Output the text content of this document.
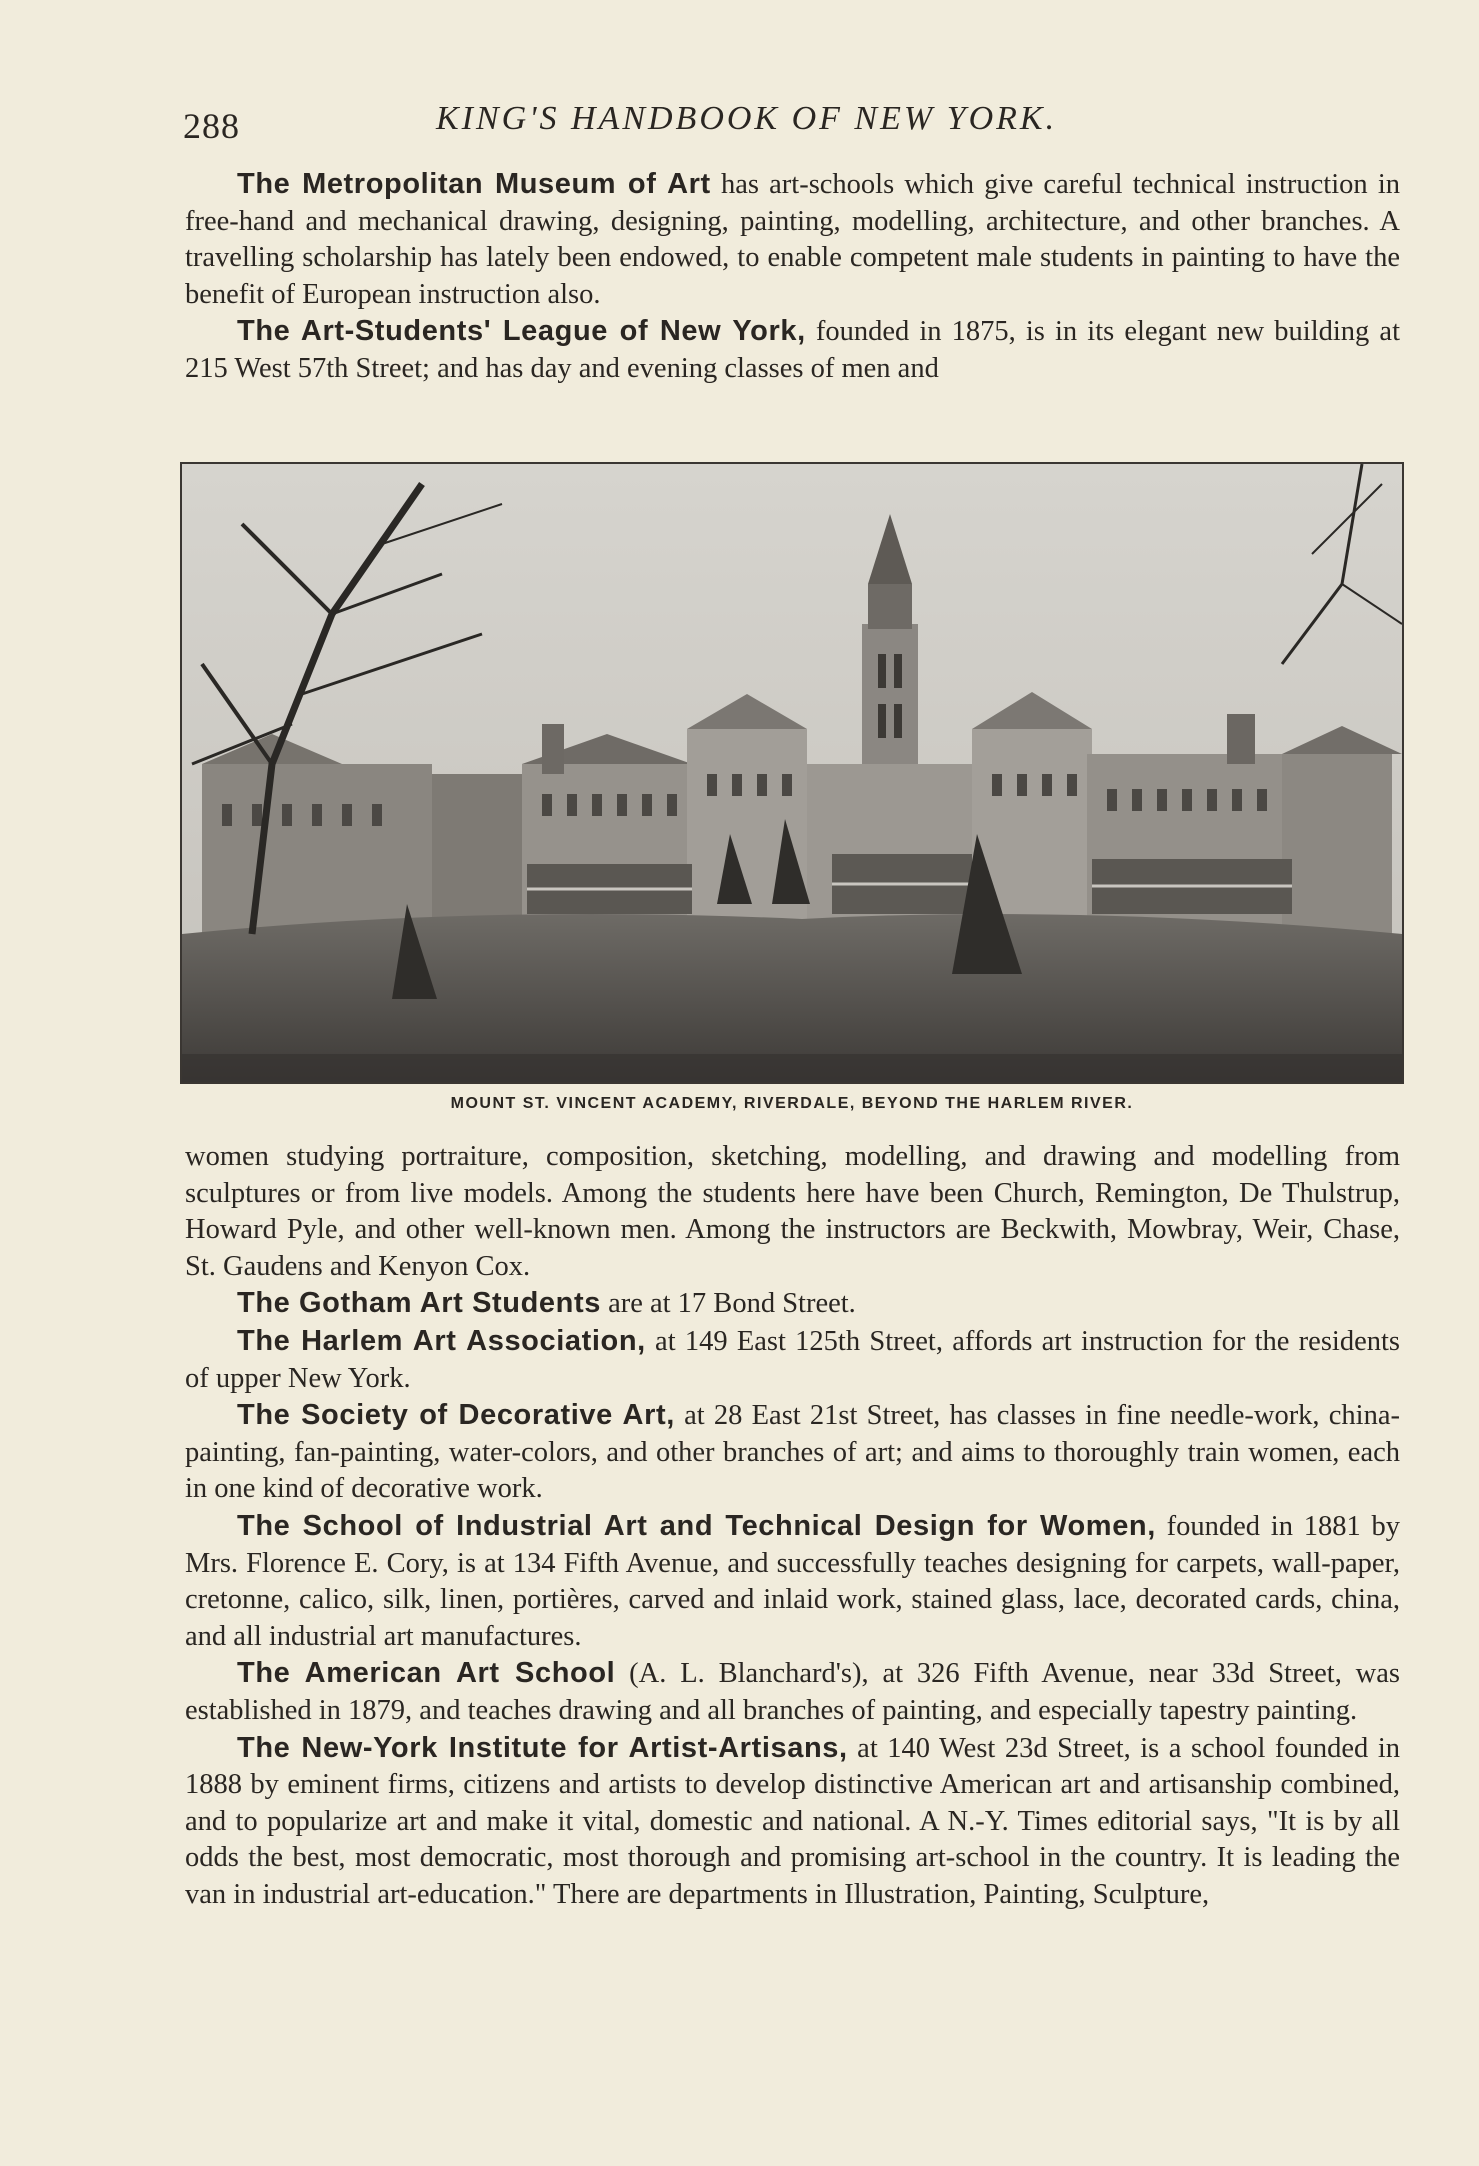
288	KING'S HANDBOOK OF NEW YORK.

The Metropolitan Museum of Art has art-schools which give careful technical instruction in free-hand and mechanical drawing, designing, painting, modelling, architecture, and other branches. A travelling scholarship has lately been endowed, to enable competent male students in painting to have the benefit of European instruction also.

The Art-Students' League of New York, founded in 1875, is in its elegant new building at 215 West 57th Street; and has day and evening classes of men and

MOUNT ST. VINCENT ACADEMY, RIVERDALE, BEYOND THE HARLEM RIVER.

women studying portraiture, composition, sketching, modelling, and drawing and modelling from sculptures or from live models. Among the students here have been Church, Remington, De Thulstrup, Howard Pyle, and other well-known men. Among the instructors are Beckwith, Mowbray, Weir, Chase, St. Gaudens and Kenyon Cox.

The Gotham Art Students are at 17 Bond Street.

The Harlem Art Association, at 149 East 125th Street, affords art instruction for the residents of upper New York.

The Society of Decorative Art, at 28 East 21st Street, has classes in fine needle-work, china-painting, fan-painting, water-colors, and other branches of art; and aims to thoroughly train women, each in one kind of decorative work.

The School of Industrial Art and Technical Design for Women, founded in 1881 by Mrs. Florence E. Cory, is at 134 Fifth Avenue, and successfully teaches designing for carpets, wall-paper, cretonne, calico, silk, linen, portières, carved and inlaid work, stained glass, lace, decorated cards, china, and all industrial art manufactures.

The American Art School (A. L. Blanchard's), at 326 Fifth Avenue, near 33d Street, was established in 1879, and teaches drawing and all branches of painting, and especially tapestry painting.

The New-York Institute for Artist-Artisans, at 140 West 23d Street, is a school founded in 1888 by eminent firms, citizens and artists to develop distinctive American art and artisanship combined, and to popularize art and make it vital, domestic and national. A N.-Y. Times editorial says, "It is by all odds the best, most democratic, most thorough and promising art-school in the country. It is leading the van in industrial art-education." There are departments in Illustration, Painting, Sculpture,
